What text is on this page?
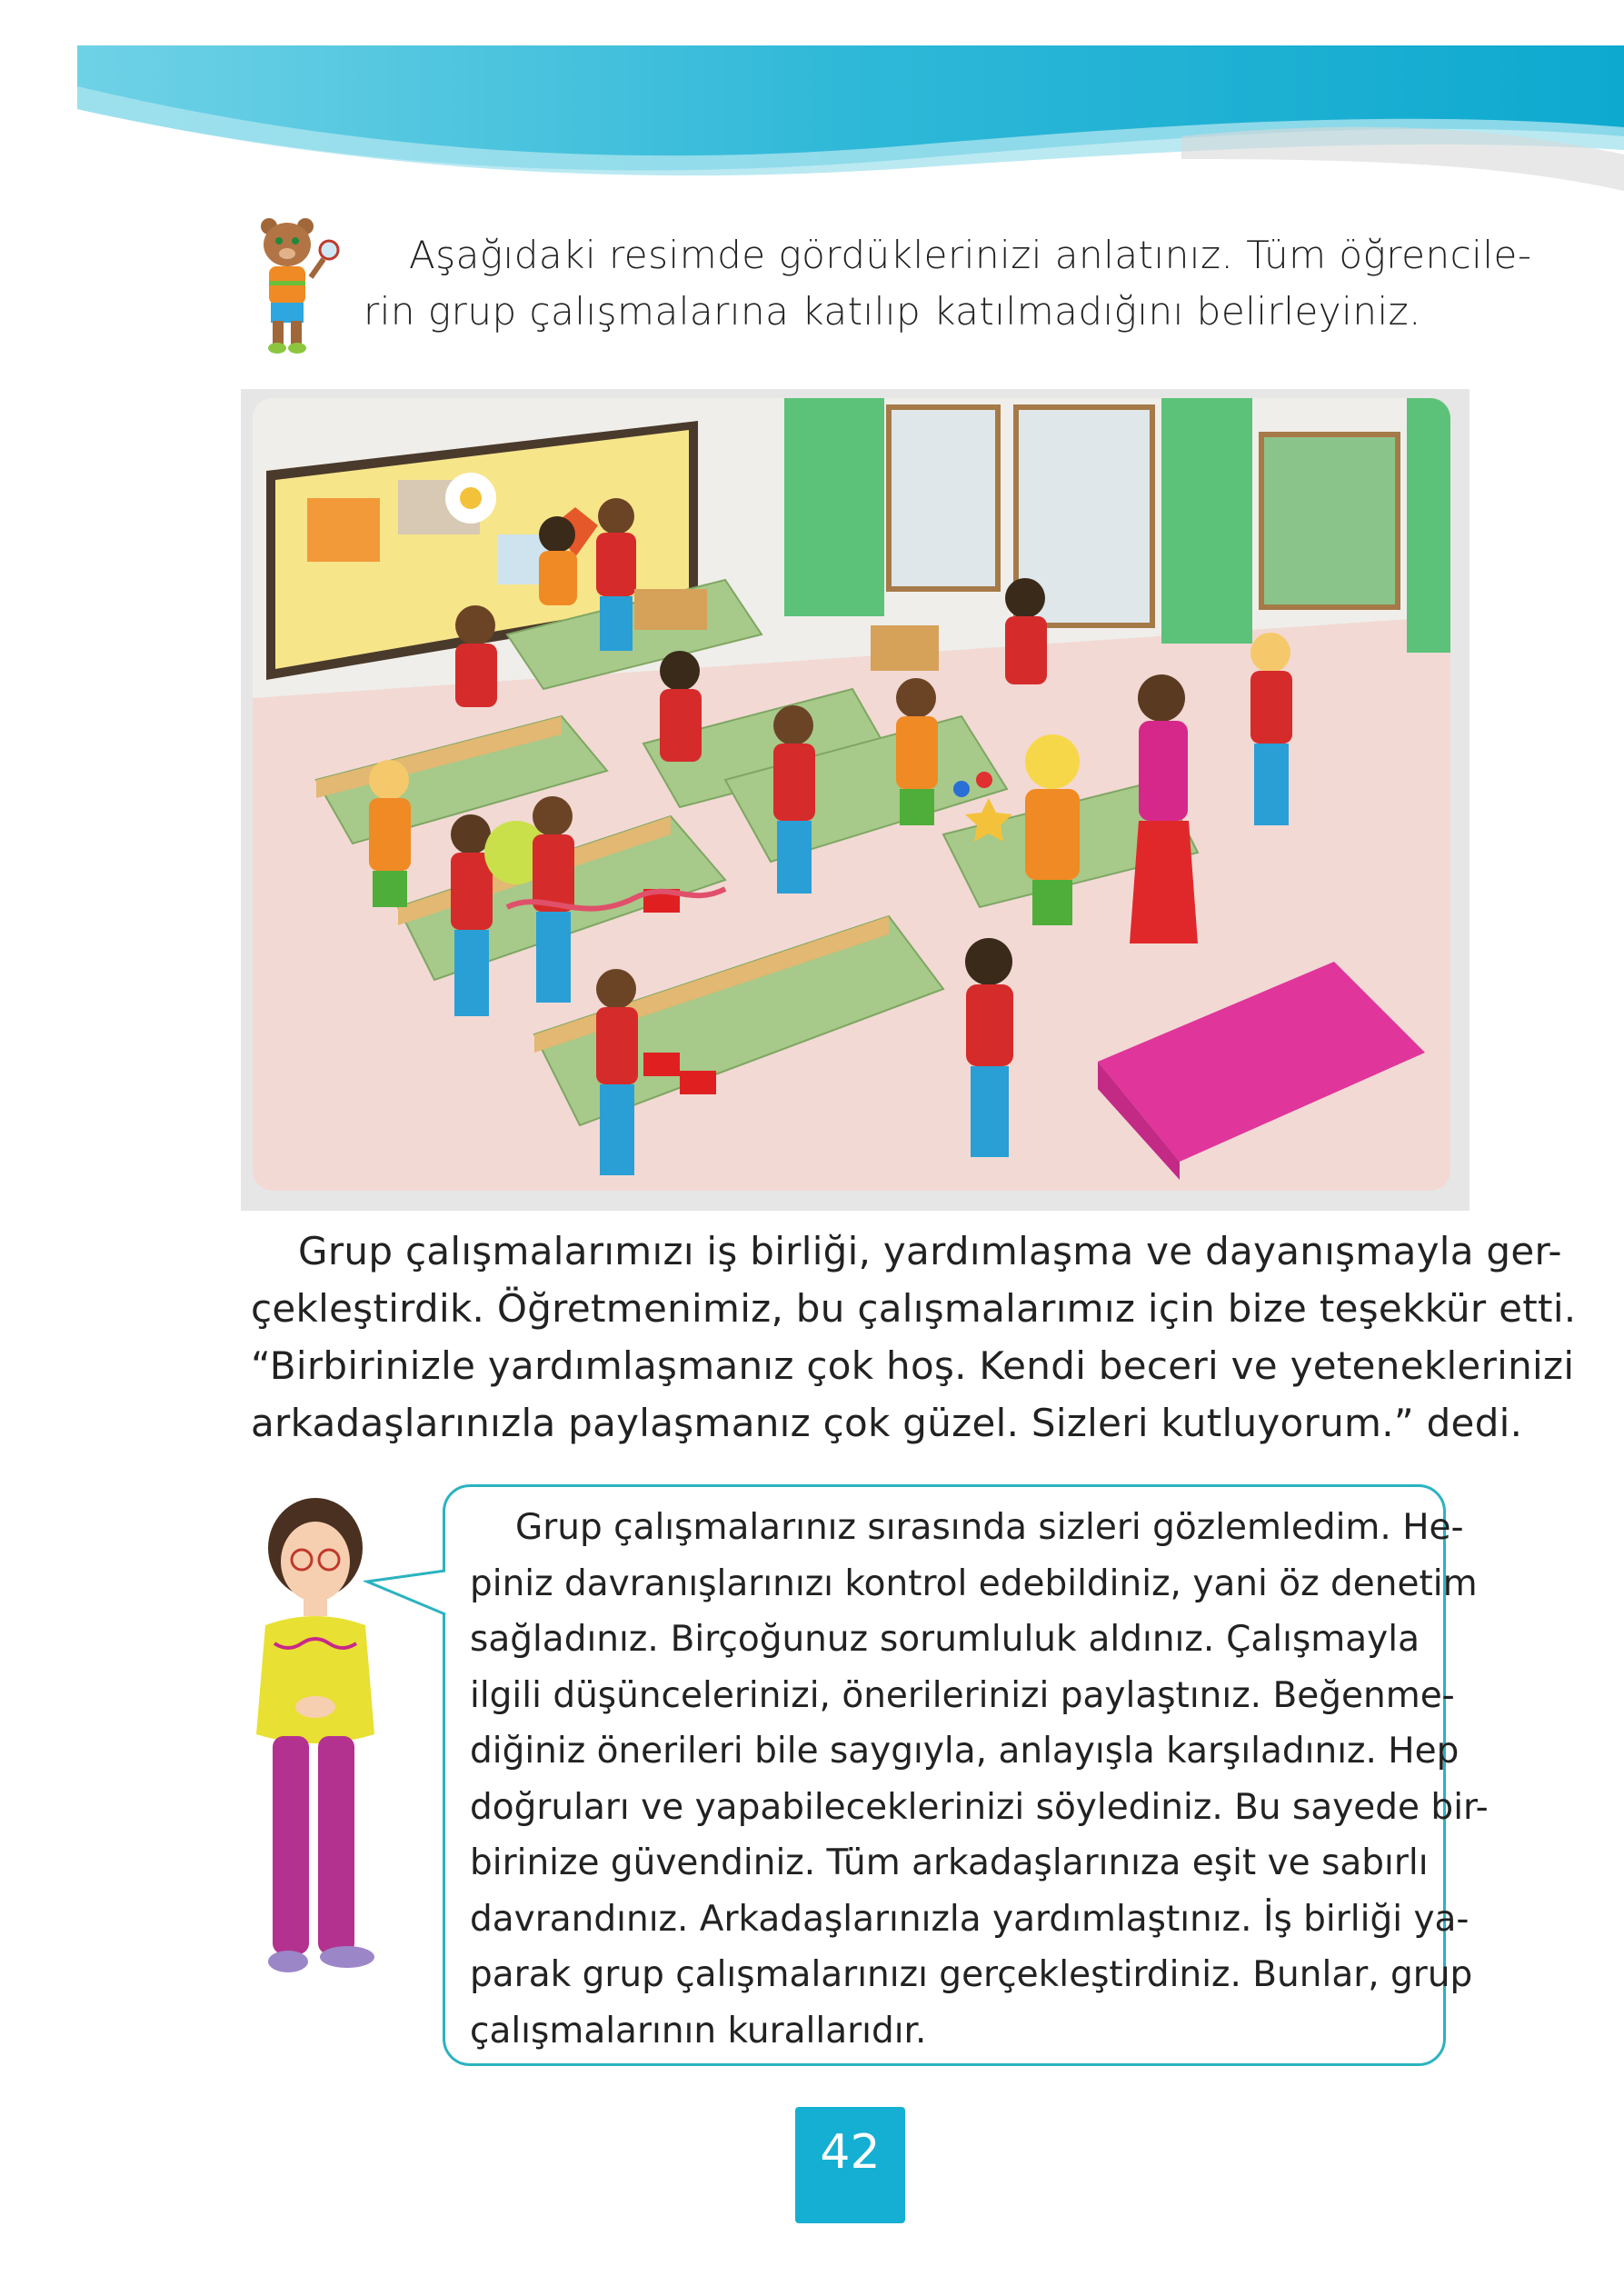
Aşağıdaki resimde gördüklerinizi anlatınız. Tüm öğrencile-
rin grup çalışmalarına katılıp katılmadığını belirleyiniz.
Grup çalışmalarımızı iş birliği, yardımlaşma ve dayanışmayla ger-
çekleştirdik. Öğretmenimiz, bu çalışmalarımız için bize teşekkür etti.
“Birbirinizle yardımlaşmanız çok hoş. Kendi beceri ve yeteneklerinizi
arkadaşlarınızla paylaşmanız çok güzel. Sizleri kutluyorum.” dedi.
Grup çalışmalarınız sırasında sizleri gözlemledim. He-
piniz davranışlarınızı kontrol edebildiniz, yani öz denetim
sağladınız. Birçoğunuz sorumluluk aldınız. Çalışmayla
ilgili düşüncelerinizi, önerilerinizi paylaştınız. Beğenme-
diğiniz önerileri bile saygıyla, anlayışla karşıladınız. Hep
doğruları ve yapabileceklerinizi söylediniz. Bu sayede bir-
birinize güvendiniz. Tüm arkadaşlarınıza eşit ve sabırlı
davrandınız. Arkadaşlarınızla yardımlaştınız. İş birliği ya-
parak grup çalışmalarınızı gerçekleştirdiniz. Bunlar, grup
çalışmalarının kurallarıdır.
42
